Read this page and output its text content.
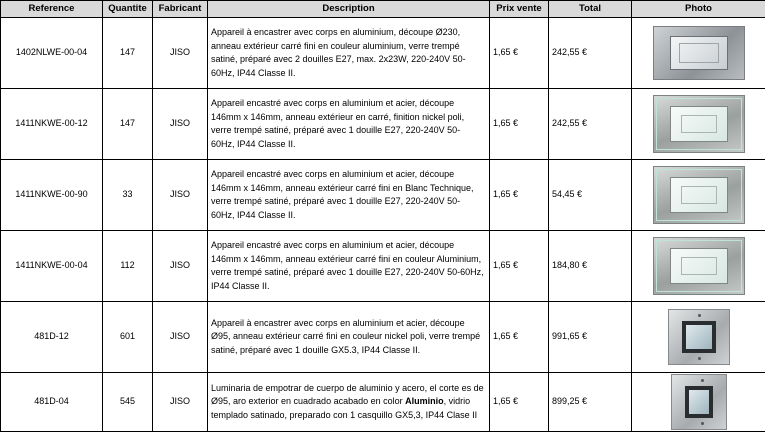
Reference	Quantite	Fabricant	Description	Prix vente	Total	Photo
1402NLWE-00-04	147	JISO	Appareil à encastrer avec corps en aluminium, découpe Ø230, anneau extérieur carré fini en couleur aluminium, verre trempé satiné, préparé avec 2 douilles E27, max. 2x23W, 220-240V 50-60Hz, IP44 Classe II.	1,65 €	242,55 €	

1411NKWE-00-12	147	JISO	Appareil encastré avec corps en aluminium et acier, découpe 146mm x 146mm, anneau extérieur en carré, finition nickel poli, verre trempé satiné, préparé avec 1 douille E27, 220-240V 50- 60Hz, IP44 Classe II.	1,65 €	242,55 €	

1411NKWE-00-90	33	JISO	Appareil encastré avec corps en aluminium et acier, découpe 146mm x 146mm, anneau extérieur carré fini en Blanc Technique, verre trempé satiné, préparé avec 1 douille E27, 220-240V 50- 60Hz, IP44 Classe II.	1,65 €	54,45 €	

1411NKWE-00-04	112	JISO	Appareil encastré avec corps en aluminium et acier, découpe 146mm x 146mm, anneau extérieur carré fini en couleur Aluminium, verre trempé satiné, préparé avec 1 douille E27, 220-240V 50-60Hz, IP44 Classe II.	1,65 €	184,80 €	

481D-12	601	JISO	Appareil à encastrer avec corps en aluminium et acier, découpe Ø95, anneau extérieur carré fini en couleur nickel poli, verre trempé satiné, préparé avec 1 douille GX5.3, IP44 Classe II.	1,65 €	991,65 €	

481D-04	545	JISO	Luminaria de empotrar de cuerpo de aluminio y acero, el corte es de Ø95, aro exterior en cuadrado acabado en color Aluminio, vidrio templado satinado, preparado con 1 casquillo GX5,3, IP44 Clase II	1,65 €	899,25 €	
